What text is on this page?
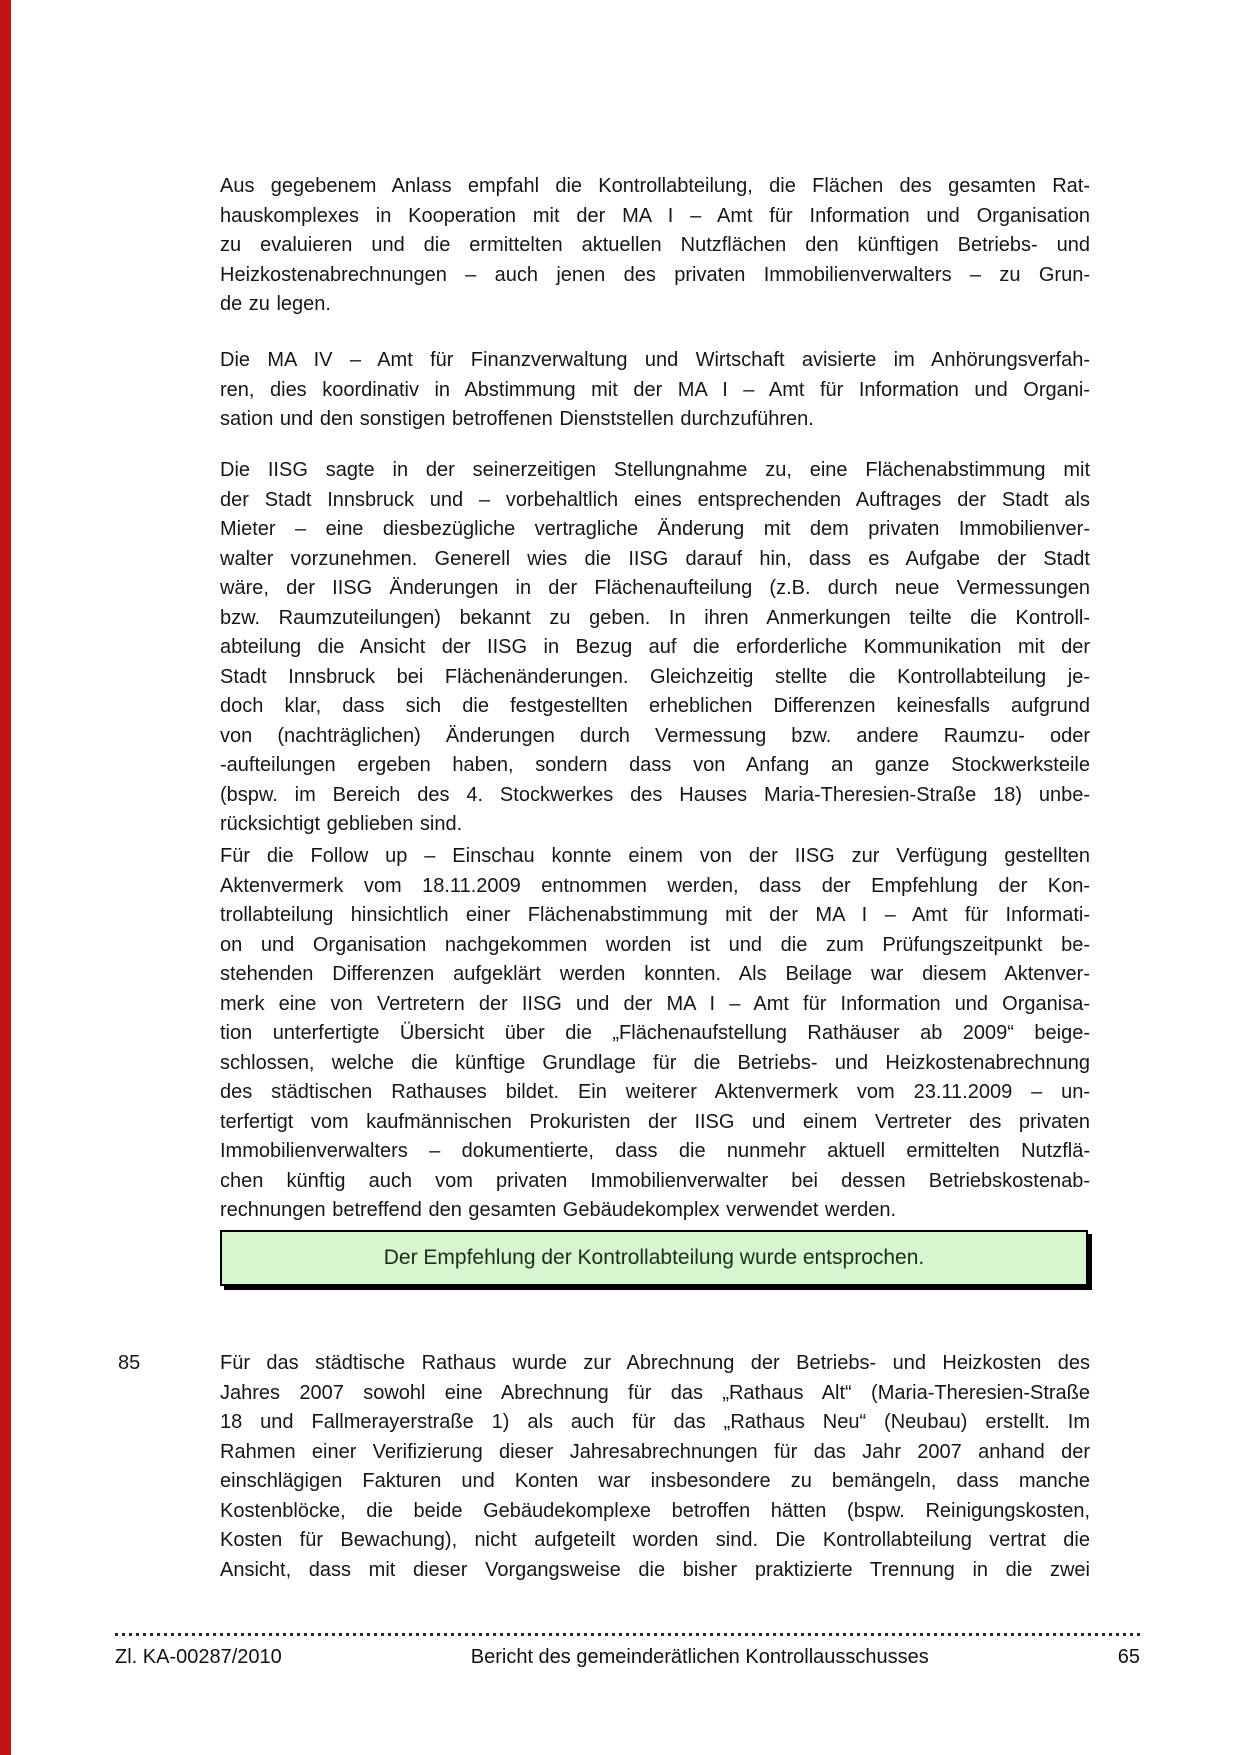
Aus gegebenem Anlass empfahl die Kontrollabteilung, die Flächen des gesamten Rat-
hauskomplexes in Kooperation mit der MA I – Amt für Information und Organisation
zu evaluieren und die ermittelten aktuellen Nutzflächen den künftigen Betriebs- und
Heizkostenabrechnungen – auch jenen des privaten Immobilienverwalters – zu Grun-
de zu legen.
Die MA IV – Amt für Finanzverwaltung und Wirtschaft avisierte im Anhörungsverfah-
ren, dies koordinativ in Abstimmung mit der MA I – Amt für Information und Organi-
sation und den sonstigen betroffenen Dienststellen durchzuführen.
Die IISG sagte in der seinerzeitigen Stellungnahme zu, eine Flächenabstimmung mit
der Stadt Innsbruck und – vorbehaltlich eines entsprechenden Auftrages der Stadt als
Mieter – eine diesbezügliche vertragliche Änderung mit dem privaten Immobilienver-
walter vorzunehmen. Generell wies die IISG darauf hin, dass es Aufgabe der Stadt
wäre, der IISG Änderungen in der Flächenaufteilung (z.B. durch neue Vermessungen
bzw. Raumzuteilungen) bekannt zu geben. In ihren Anmerkungen teilte die Kontroll-
abteilung die Ansicht der IISG in Bezug auf die erforderliche Kommunikation mit der
Stadt Innsbruck bei Flächenänderungen. Gleichzeitig stellte die Kontrollabteilung je-
doch klar, dass sich die festgestellten erheblichen Differenzen keinesfalls aufgrund
von (nachträglichen) Änderungen durch Vermessung bzw. andere Raumzu- oder
-aufteilungen ergeben haben, sondern dass von Anfang an ganze Stockwerksteile
(bspw. im Bereich des 4. Stockwerkes des Hauses Maria-Theresien-Straße 18) unbe-
rücksichtigt geblieben sind.
Für die Follow up – Einschau konnte einem von der IISG zur Verfügung gestellten
Aktenvermerk vom 18.11.2009 entnommen werden, dass der Empfehlung der Kon-
trollabteilung hinsichtlich einer Flächenabstimmung mit der MA I – Amt für Informati-
on und Organisation nachgekommen worden ist und die zum Prüfungszeitpunkt be-
stehenden Differenzen aufgeklärt werden konnten. Als Beilage war diesem Aktenver-
merk eine von Vertretern der IISG und der MA I – Amt für Information und Organisa-
tion unterfertigte Übersicht über die „Flächenaufstellung Rathäuser ab 2009“ beige-
schlossen, welche die künftige Grundlage für die Betriebs- und Heizkostenabrechnung
des städtischen Rathauses bildet. Ein weiterer Aktenvermerk vom 23.11.2009 – un-
terfertigt vom kaufmännischen Prokuristen der IISG und einem Vertreter des privaten
Immobilienverwalters – dokumentierte, dass die nunmehr aktuell ermittelten Nutzflä-
chen künftig auch vom privaten Immobilienverwalter bei dessen Betriebskostenab-
rechnungen betreffend den gesamten Gebäudekomplex verwendet werden.
Der Empfehlung der Kontrollabteilung wurde entsprochen.
85	Für das städtische Rathaus wurde zur Abrechnung der Betriebs- und Heizkosten des
Jahres 2007 sowohl eine Abrechnung für das „Rathaus Alt“ (Maria-Theresien-Straße
18 und Fallmerayerstraße 1) als auch für das „Rathaus Neu“ (Neubau) erstellt. Im
Rahmen einer Verifizierung dieser Jahresabrechnungen für das Jahr 2007 anhand der
einschlägigen Fakturen und Konten war insbesondere zu bemängeln, dass manche
Kostenblöcke, die beide Gebäudekomplexe betroffen hätten (bspw. Reinigungskosten,
Kosten für Bewachung), nicht aufgeteilt worden sind. Die Kontrollabteilung vertrat die
Ansicht, dass mit dieser Vorgangsweise die bisher praktizierte Trennung in die zwei
Zl. KA-00287/2010	Bericht des gemeinderätlichen Kontrollausschusses	65
